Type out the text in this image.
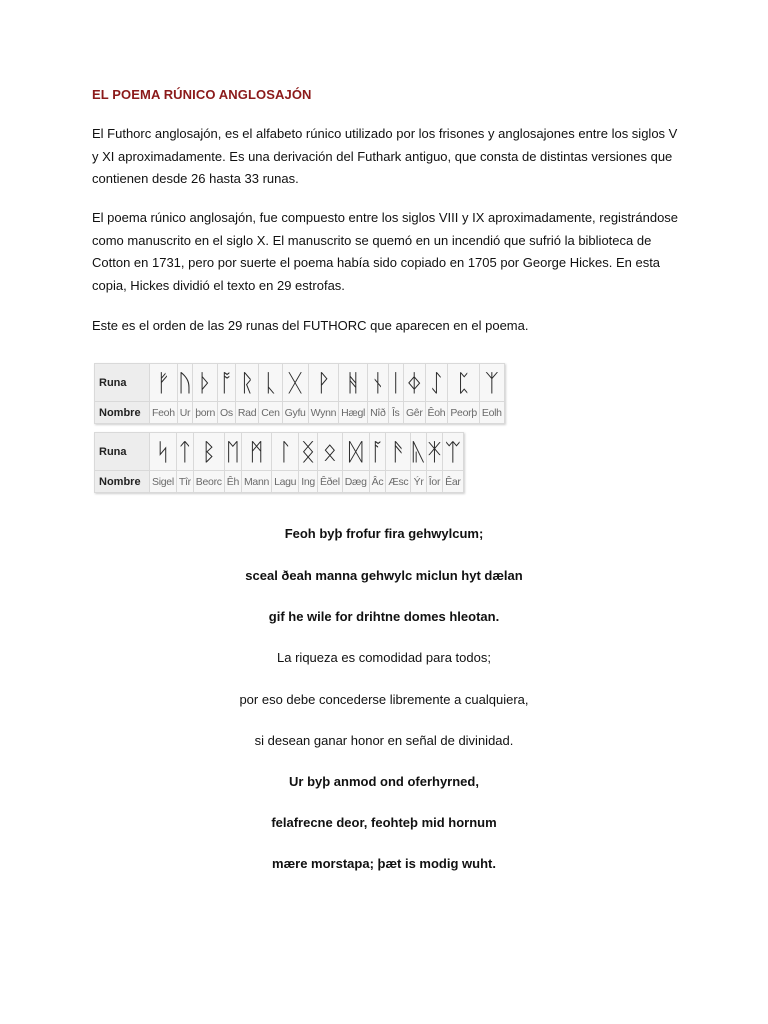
EL POEMA RÚNICO ANGLOSAJÓN

El Futhorc anglosajón, es el alfabeto rúnico utilizado por los frisones y anglosajones entre los siglos V
y XI aproximadamente. Es una derivación del Futhark antiguo, que consta de distintas versiones que
contienen desde 26 hasta 33 runas.

El poema rúnico anglosajón, fue compuesto entre los siglos VIII y IX aproximadamente, registrándose
como manuscrito en el siglo X. El manuscrito se quemó en un incendió que sufrió la biblioteca de
Cotton en 1731, pero por suerte el poema había sido copiado en 1705 por George Hickes. En esta
copia, Hickes dividió el texto en 29 estrofas.

Este es el orden de las 29 runas del FUTHORC que aparecen en el poema.

Runa	ᚠ	ᚢ	ᚦ	ᚩ	ᚱ	ᚳ	ᚷ	ᚹ	ᚻ	ᚾ	ᛁ	ᛄ	ᛇ	ᛈ	ᛉ
Nombre	Feoh	Ur	þorn	Os	Rad	Cen	Gyfu	Wynn	Hægl	Nîð	Îs	Gêr	Êoh	Peorþ	Eolh
Runa	ᛋ	ᛏ	ᛒ	ᛖ	ᛗ	ᛚ	ᛝ	ᛟ	ᛞ	ᚪ	ᚫ	ᚣ	ᛡ	ᛠ
Nombre	Sigel	Tîr	Beorc	Êh	Mann	Lagu	Ing	Êðel	Dæg	Âc	Æsc	Ýr	Îor	Êar
Feoh byþ frofur fira gehwylcum;
sceal ðeah manna gehwylc miclun hyt dælan
gif he wile for drihtne domes hleotan.
La riqueza es comodidad para todos;
por eso debe concederse libremente a cualquiera,
si desean ganar honor en señal de divinidad.
Ur byþ anmod ond oferhyrned,
felafrecne deor, feohteþ mid hornum
mære morstapa; þæt is modig wuht.
